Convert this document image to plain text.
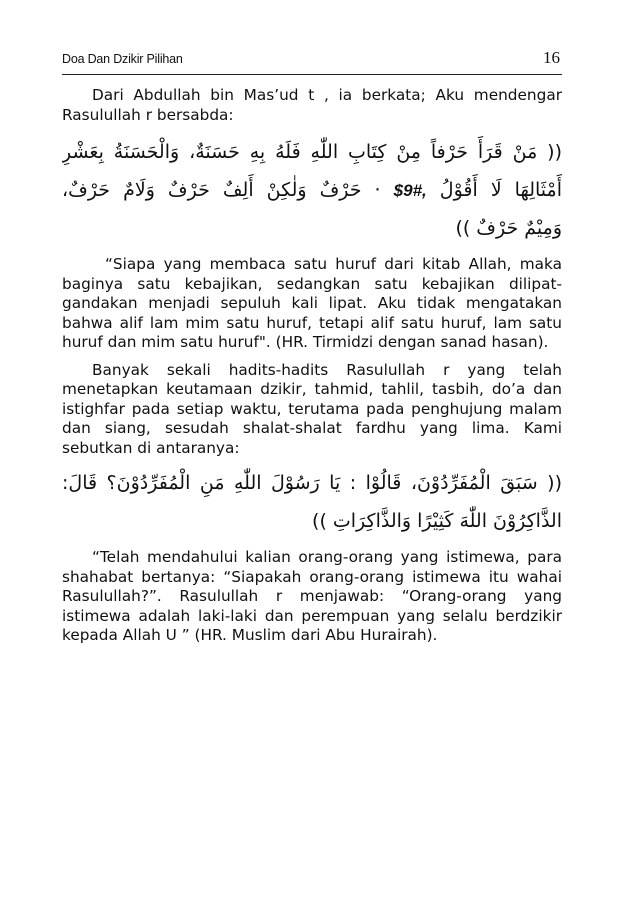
Doa Dan Dzikir Pilihan	16

Dari Abdullah bin Mas’ud t , ia berkata; Aku mendengar Rasulullah r bersabda:

(( مَنْ قَرَأَ حَرْفاً مِنْ كِتَابِ اللّٰهِ فَلَهُ بِهِ حَسَنَةٌ، وَالْحَسَنَةُ بِعَشْرِ
أَمْثَالِهَا لَا أَقُوْلُ $9#, · حَرْفٌ وَلٰكِنْ أَلِفٌ حَرْفٌ وَلَامٌ حَرْفٌ،
وَمِيْمٌ حَرْفٌ ))

“Siapa yang membaca satu huruf dari kitab Allah, maka baginya satu kebajikan, sedangkan satu kebajikan dilipat-gandakan menjadi sepuluh kali lipat. Aku tidak mengatakan bahwa alif lam mim satu huruf, tetapi alif satu huruf, lam satu huruf dan mim satu huruf". (HR. Tirmidzi dengan sanad hasan).

Banyak sekali hadits-hadits Rasulullah r yang telah menetapkan keutamaan dzikir, tahmid, tahlil, tasbih, do’a dan istighfar pada setiap waktu, terutama pada penghujung malam dan siang, sesudah shalat-shalat fardhu yang lima. Kami sebutkan di antaranya:

(( سَبَقَ الْمُفَرِّدُوْنَ، قَالُوْا : يَا رَسُوْلَ اللّٰهِ مَنِ الْمُفَرِّدُوْنَ؟ قَالَ:
الذَّاكِرُوْنَ اللّٰهَ كَثِيْرًا وَالذَّاكِرَاتِ ))

“Telah mendahului kalian orang-orang yang istimewa, para shahabat bertanya: “Siapakah orang-orang istimewa itu wahai Rasulullah?”. Rasulullah r menjawab: “Orang-orang yang istimewa adalah laki-laki dan perempuan yang selalu berdzikir kepada Allah U ” (HR. Muslim dari Abu Hurairah).
